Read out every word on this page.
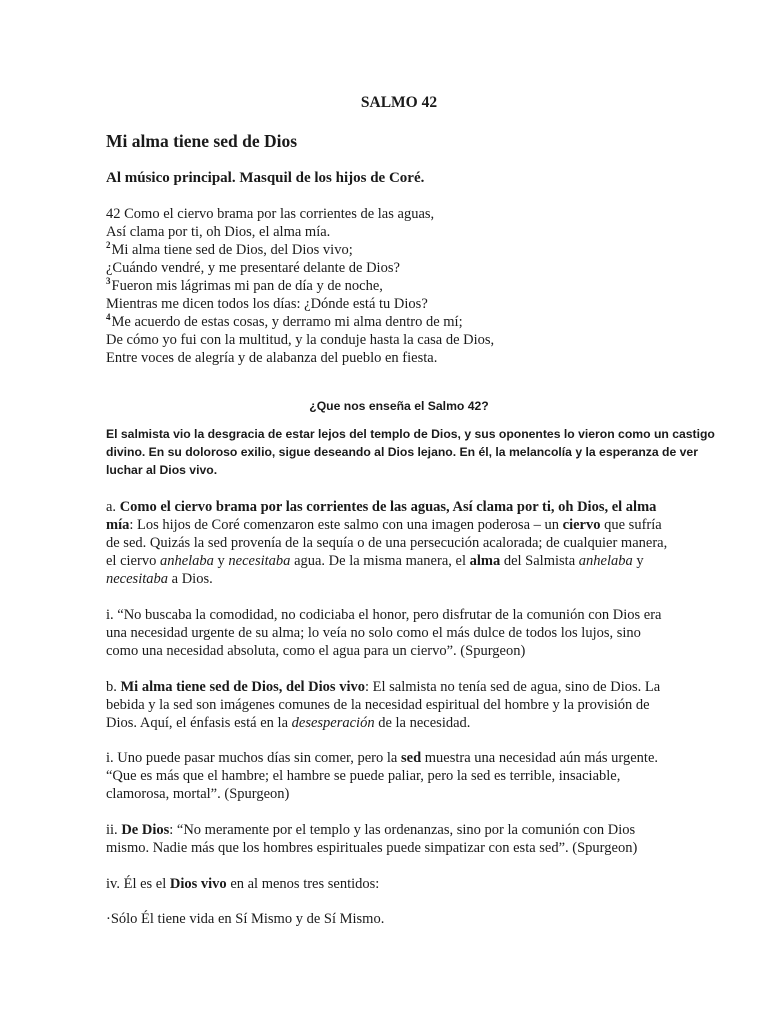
SALMO 42
Mi alma tiene sed de Dios
Al músico principal. Masquil de los hijos de Coré.
42 Como el ciervo brama por las corrientes de las aguas,
Así clama por ti, oh Dios, el alma mía.
$^2$Mi alma tiene sed de Dios, del Dios vivo;
¿Cuándo vendré, y me presentaré delante de Dios?
$^3$Fueron mis lágrimas mi pan de día y de noche,
Mientras me dicen todos los días: ¿Dónde está tu Dios?
$^4$Me acuerdo de estas cosas, y derramo mi alma dentro de mí;
De cómo yo fui con la multitud, y la conduje hasta la casa de Dios,
Entre voces de alegría y de alabanza del pueblo en fiesta.
¿Que nos enseña el Salmo 42?
El salmista vio la desgracia de estar lejos del templo de Dios, y sus oponentes lo vieron como un castigo
divino. En su doloroso exilio, sigue deseando al Dios lejano. En él, la melancolía y la esperanza de ver
luchar al Dios vivo.
a. Como el ciervo brama por las corrientes de las aguas, Así clama por ti, oh Dios, el alma
mía: Los hijos de Coré comenzaron este salmo con una imagen poderosa – un ciervo que sufría
de sed. Quizás la sed provenía de la sequía o de una persecución acalorada; de cualquier manera,
el ciervo anhelaba y necesitaba agua. De la misma manera, el alma del Salmista anhelaba y
necesitaba a Dios.
i. “No buscaba la comodidad, no codiciaba el honor, pero disfrutar de la comunión con Dios era
una necesidad urgente de su alma; lo veía no solo como el más dulce de todos los lujos, sino
como una necesidad absoluta, como el agua para un ciervo”. (Spurgeon)
b. Mi alma tiene sed de Dios, del Dios vivo: El salmista no tenía sed de agua, sino de Dios. La
bebida y la sed son imágenes comunes de la necesidad espiritual del hombre y la provisión de
Dios. Aquí, el énfasis está en la desesperación de la necesidad.
i. Uno puede pasar muchos días sin comer, pero la sed muestra una necesidad aún más urgente.
“Que es más que el hambre; el hambre se puede paliar, pero la sed es terrible, insaciable,
clamorosa, mortal”. (Spurgeon)
ii. De Dios: “No meramente por el templo y las ordenanzas, sino por la comunión con Dios
mismo. Nadie más que los hombres espirituales puede simpatizar con esta sed”. (Spurgeon)
iv. Él es el Dios vivo en al menos tres sentidos:
·Sólo Él tiene vida en Sí Mismo y de Sí Mismo.
